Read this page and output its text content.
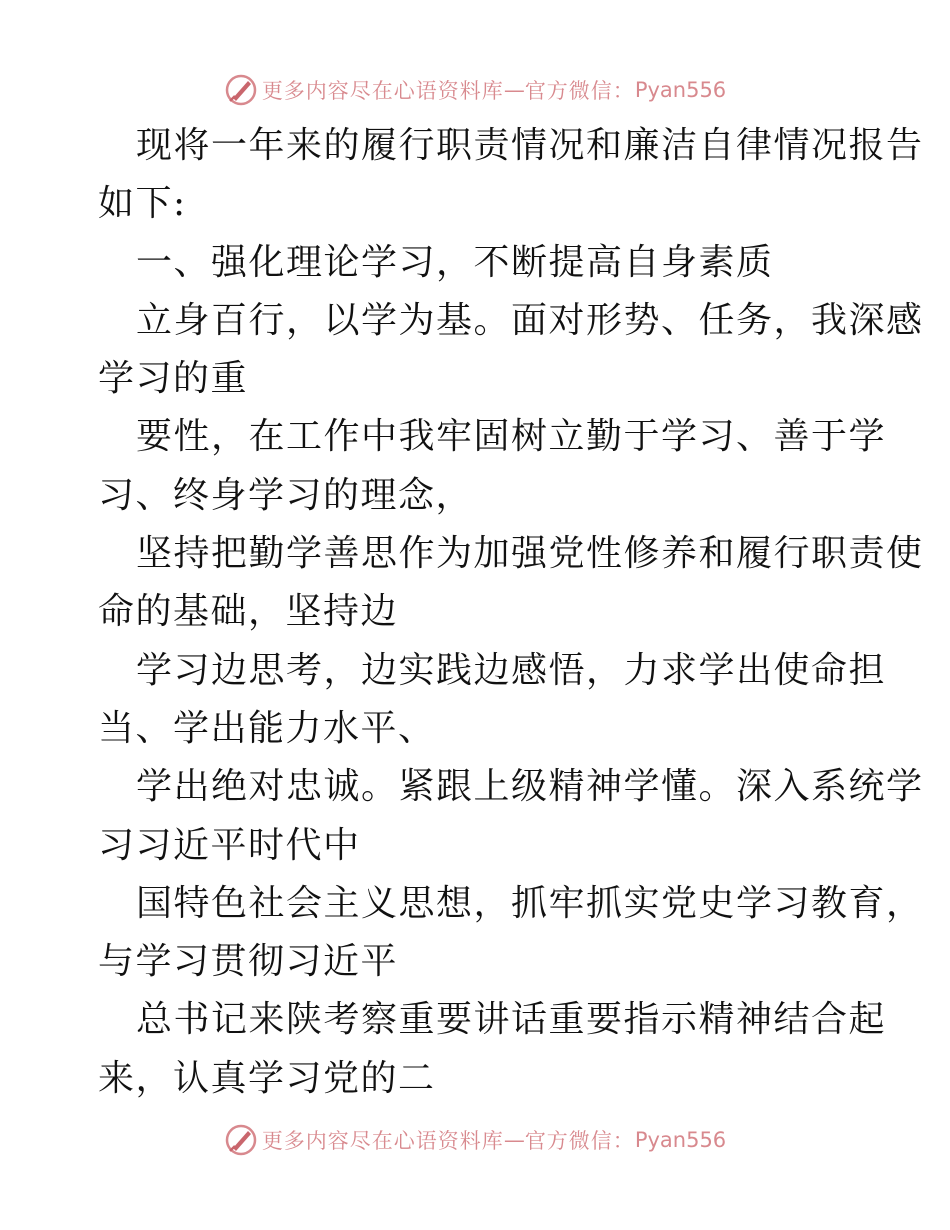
更多内容尽在心语资料库 — 官方微信： Pyan556
现将一年来的履行职责情况和廉洁自律情况报告
如下:
一、强化理论学习，不断提高自身素质
立身百行，以学为基。面对形势、任务，我深感
学习的重
要性，在工作中我牢固树立勤于学习、善于学
习、终身学习的理念，
坚持把勤学善思作为加强党性修养和履行职责使
命的基础，坚持边
学习边思考，边实践边感悟，力求学出使命担
当、学出能力水平、
学出绝对忠诚。紧跟上级精神学懂。深入系统学
习习近平时代中
国特色社会主义思想，抓牢抓实党史学习教育，
与学习贯彻习近平
总书记来陕考察重要讲话重要指示精神结合起
来，认真学习党的二
更多内容尽在心语资料库 — 官方微信： Pyan556
